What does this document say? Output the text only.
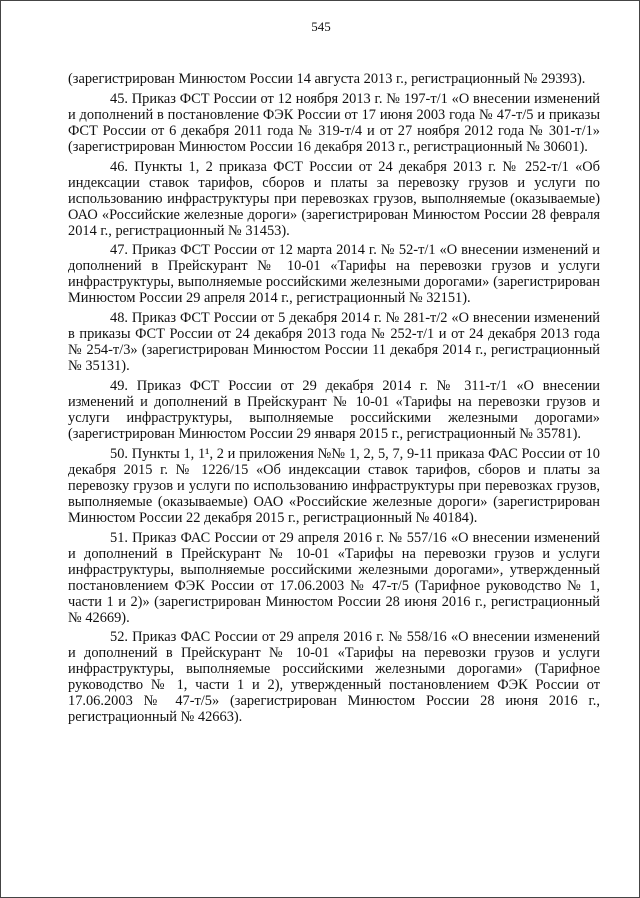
545

(зарегистрирован Минюстом России 14 августа 2013 г., регистрационный № 29393).

45. Приказ ФСТ России от 12 ноября 2013 г. № 197-т/1 «О внесении изменений и дополнений в постановление ФЭК России от 17 июня 2003 года № 47-т/5 и приказы ФСТ России от 6 декабря 2011 года № 319-т/4 и от 27 ноября 2012 года № 301-т/1» (зарегистрирован Минюстом России 16 декабря 2013 г., регистрационный № 30601).

46. Пункты 1, 2 приказа ФСТ России от 24 декабря 2013 г. № 252-т/1 «Об индексации ставок тарифов, сборов и платы за перевозку грузов и услуги по использованию инфраструктуры при перевозках грузов, выполняемые (оказываемые) ОАО «Российские железные дороги» (зарегистрирован Минюстом России 28 февраля 2014 г., регистрационный № 31453).

47. Приказ ФСТ России от 12 марта 2014 г. № 52-т/1 «О внесении изменений и дополнений в Прейскурант № 10-01 «Тарифы на перевозки грузов и услуги инфраструктуры, выполняемые российскими железными дорогами» (зарегистрирован Минюстом России 29 апреля 2014 г., регистрационный № 32151).

48. Приказ ФСТ России от 5 декабря 2014 г. № 281-т/2 «О внесении изменений в приказы ФСТ России от 24 декабря 2013 года № 252-т/1 и от 24 декабря 2013 года № 254-т/3» (зарегистрирован Минюстом России 11 декабря 2014 г., регистрационный № 35131).

49. Приказ ФСТ России от 29 декабря 2014 г. № 311-т/1 «О внесении изменений и дополнений в Прейскурант № 10-01 «Тарифы на перевозки грузов и услуги инфраструктуры, выполняемые российскими железными дорогами» (зарегистрирован Минюстом России 29 января 2015 г., регистрационный № 35781).

50. Пункты 1, 1¹, 2 и приложения №№ 1, 2, 5, 7, 9-11 приказа ФАС России от 10 декабря 2015 г. № 1226/15 «Об индексации ставок тарифов, сборов и платы за перевозку грузов и услуги по использованию инфраструктуры при перевозках грузов, выполняемые (оказываемые) ОАО «Российские железные дороги» (зарегистрирован Минюстом России 22 декабря 2015 г., регистрационный № 40184).

51. Приказ ФАС России от 29 апреля 2016 г. № 557/16 «О внесении изменений и дополнений в Прейскурант № 10-01 «Тарифы на перевозки грузов и услуги инфраструктуры, выполняемые российскими железными дорогами», утвержденный постановлением ФЭК России от 17.06.2003 № 47-т/5 (Тарифное руководство № 1, части 1 и 2)» (зарегистрирован Минюстом России 28 июня 2016 г., регистрационный № 42669).

52. Приказ ФАС России от 29 апреля 2016 г. № 558/16 «О внесении изменений и дополнений в Прейскурант № 10-01 «Тарифы на перевозки грузов и услуги инфраструктуры, выполняемые российскими железными дорогами» (Тарифное руководство № 1, части 1 и 2), утвержденный постановлением ФЭК России от 17.06.2003 № 47-т/5» (зарегистрирован Минюстом России 28 июня 2016 г., регистрационный № 42663).
